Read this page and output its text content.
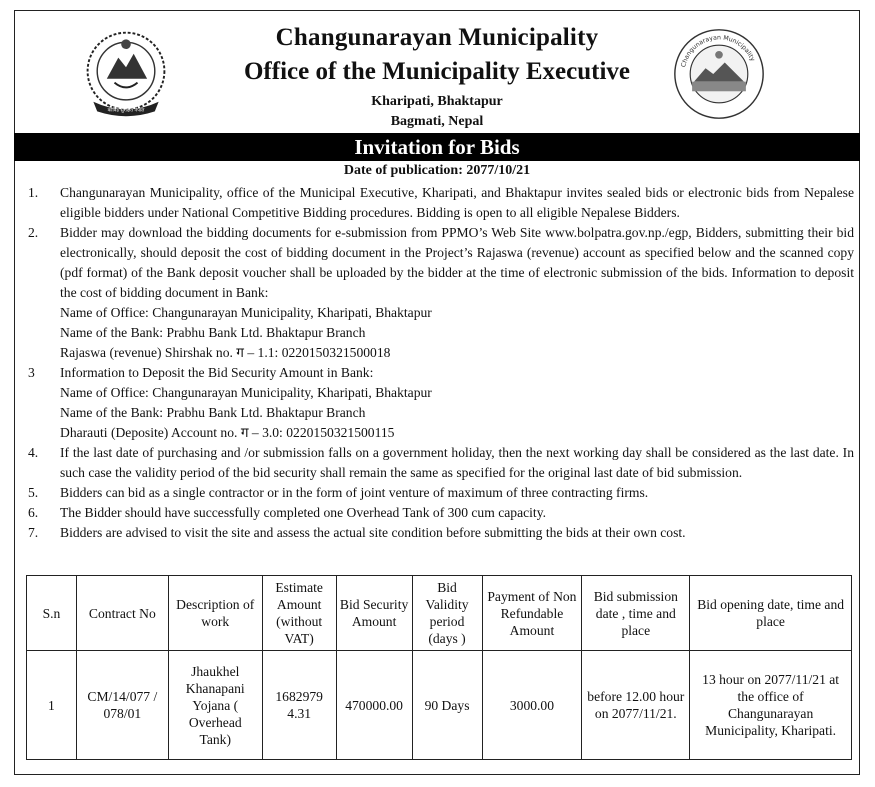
कोविड सुरक्षित नेपाल
Changunarayan Municipality
Office of the Municipality Executive
Kharipati, Bhaktapur
Bagmati, Nepal
Changunarayan Municipality
Invitation for Bids
Date of publication: 2077/10/21
1.	Changunarayan Municipality, office of the Municipal Executive, Kharipati, and Bhaktapur invites sealed bids or electronic bids from Nepalese eligible bidders under National Competitive Bidding procedures. Bidding is open to all eligible Nepalese Bidders.
2.	Bidder may download the bidding documents for e-submission from PPMO’s Web Site www.bolpatra.gov.np./egp, Bidders, submitting their bid electronically, should deposit the cost of bidding document in the Project’s Rajaswa (revenue) account as specified below and the scanned copy (pdf format) of the Bank deposit voucher shall be uploaded by the bidder at the time of electronic submission of the bids. Information to deposit the cost of bidding document in Bank:
Name of Office: Changunarayan Municipality, Kharipati, Bhaktapur
Name of the Bank: Prabhu Bank Ltd. Bhaktapur Branch
Rajaswa (revenue) Shirshak no. ग – 1.1: 0220150321500018
3	Information to Deposit the Bid Security Amount in Bank:
Name of Office: Changunarayan Municipality, Kharipati, Bhaktapur
Name of the Bank: Prabhu Bank Ltd. Bhaktapur Branch
Dharauti (Deposite) Account no. ग – 3.0: 0220150321500115
4.	If the last date of purchasing and /or submission falls on a government holiday, then the next working day shall be considered as the last date. In such case the validity period of the bid security shall remain the same as specified for the original last date of bid submission.
5.	Bidders can bid as a single contractor or in the form of joint venture of maximum of three contracting firms.
6.	The Bidder should have successfully completed one Overhead Tank of 300 cum capacity.
7.	Bidders are advised to visit the site and assess the actual site condition before submitting the bids at their own cost.
S.n	Contract No	Description of work	Estimate Amount (without VAT)	Bid Security Amount	Bid Validity period (days )	Payment of Non Refundable Amount	Bid submission date , time and place	Bid opening date, time and place
1	CM/14/077 / 078/01	Jhaukhel Khanapani Yojana ( Overhead Tank)	1682979 4.31	470000.00	90 Days	3000.00	before 12.00 hour on 2077/11/21.	13 hour on 2077/11/21 at the office of Changunarayan Municipality, Kharipati.
